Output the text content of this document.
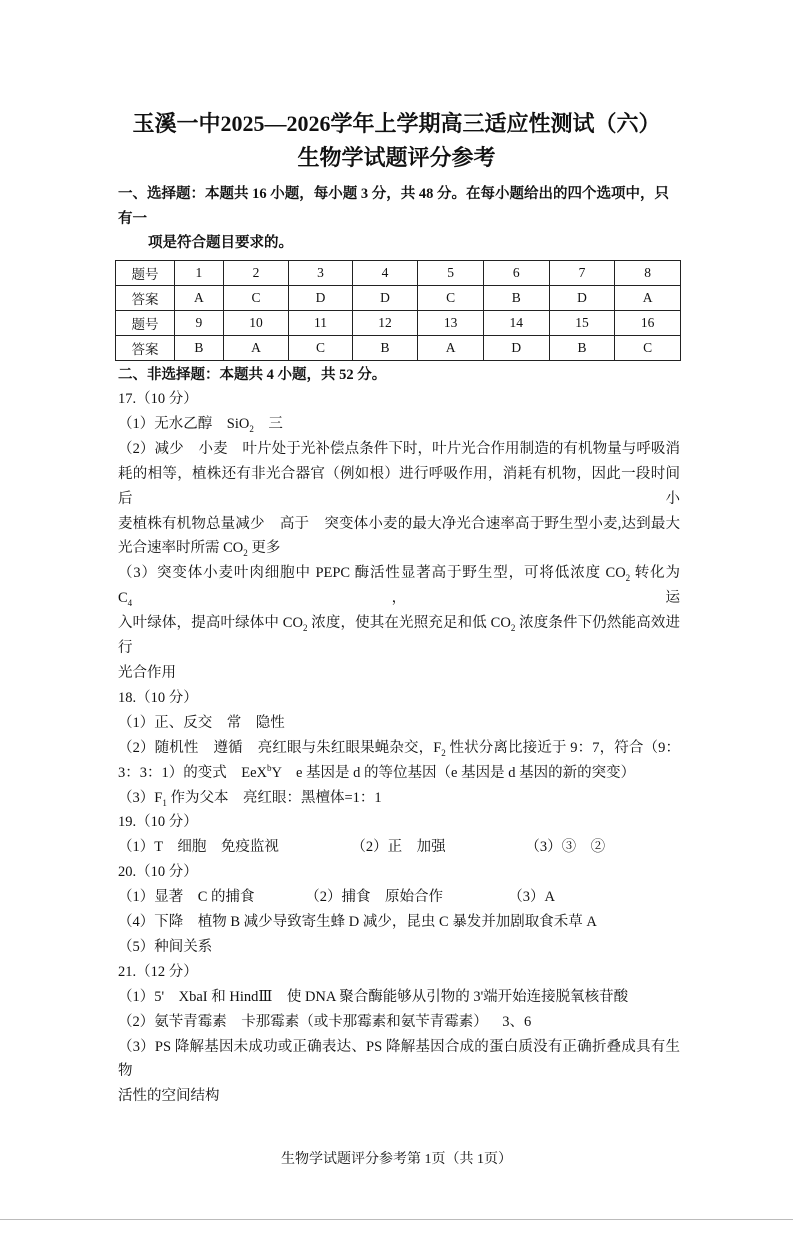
玉溪一中2025—2026学年上学期高三适应性测试（六）
生物学试题评分参考
一、选择题：本题共 16 小题，每小题 3 分，共 48 分。在每小题给出的四个选项中，只有一
项是符合题目要求的。
题号	1	2	3	4	5	6	7	8
答案	A	C	D	D	C	B	D	A
题号	9	10	11	12	13	14	15	16
答案	B	A	C	B	A	D	B	C
二、非选择题：本题共 4 小题，共 52 分。
17.（10 分）
（1）无水乙醇    SiO$_2$    三
（2）减少    小麦    叶片处于光补偿点条件下时，叶片光合作用制造的有机物量与呼吸消
耗的相等，植株还有非光合器官（例如根）进行呼吸作用，消耗有机物，因此一段时间后小
麦植株有机物总量减少    高于    突变体小麦的最大净光合速率高于野生型小麦,达到最大
光合速率时所需 $CO_2$ 更多
（3）突变体小麦叶肉细胞中 PEPC 酶活性显著高于野生型，可将低浓度 $CO_2$ 转化为 $C_4$，运
入叶绿体，提高叶绿体中 $CO_2$ 浓度，使其在光照充足和低 $CO_2$ 浓度条件下仍然能高效进行
光合作用
18.（10 分）
（1）正、反交    常    隐性
（2）随机性    遵循    亮红眼与朱红眼果蝇杂交，$F_2$ 性状分离比接近于 9：7，符合（9：
3：3：1）的变式    EeX$^b$Y    e 基因是 d 的等位基因（e 基因是 d 基因的新的突变）
$(3)F_1$ 作为父本    亮红眼：黑檀体=1：1
19.（10 分）
（1）T    细胞    免疫监视                    （2）正    加强                      （3）③    ②
20.（10 分）
（1）显著    C 的捕食              （2）捕食    原始合作                  （3）A
（4）下降    植物 B 减少导致寄生蜂 D 减少，昆虫 C 暴发并加剧取食禾草 A
（5）种间关系
21.（12 分）
（1）5'    XbaI 和 HindⅢ    使 DNA 聚合酶能够从引物的 3'端开始连接脱氧核苷酸
（2）氨苄青霉素    卡那霉素（或卡那霉素和氨苄青霉素）    3、6
（3）PS 降解基因未成功或正确表达、PS 降解基因合成的蛋白质没有正确折叠成具有生物
活性的空间结构
生物学试题评分参考第 1页（共 1页）
